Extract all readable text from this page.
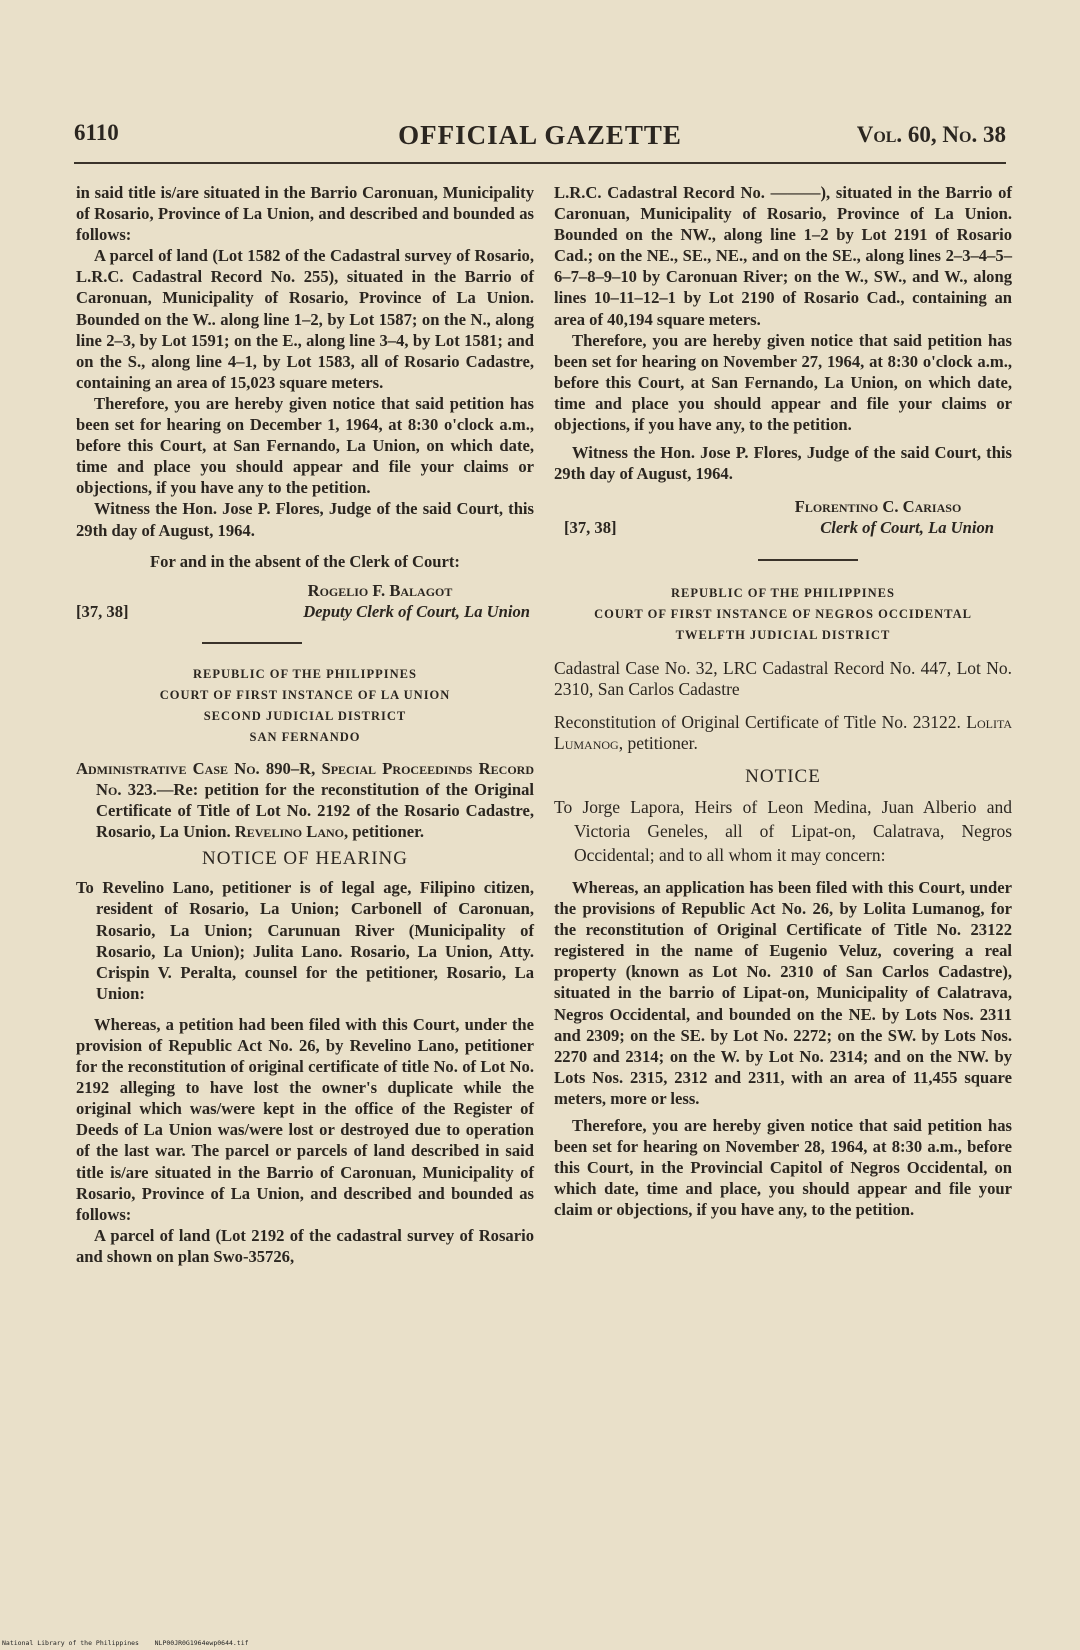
6110	OFFICIAL GAZETTE	Vol. 60, No. 38

in said title is/are situated in the Barrio Caronuan, Municipality of Rosario, Province of La Union, and described and bounded as follows:

A parcel of land (Lot 1582 of the Cadastral survey of Rosario, L.R.C. Cadastral Record No. 255), situated in the Barrio of Caronuan, Municipality of Rosario, Province of La Union. Bounded on the W.. along line 1–2, by Lot 1587; on the N., along line 2–3, by Lot 1591; on the E., along line 3–4, by Lot 1581; and on the S., along line 4–1, by Lot 1583, all of Rosario Cadastre, containing an area of 15,023 square meters.

Therefore, you are hereby given notice that said petition has been set for hearing on December 1, 1964, at 8:30 o'clock a.m., before this Court, at San Fernando, La Union, on which date, time and place you should appear and file your claims or objections, if you have any to the petition.

Witness the Hon. Jose P. Flores, Judge of the said Court, this 29th day of August, 1964.

For and in the absent of the Clerk of Court:

Rogelio F. Balagot
[37, 38]	Deputy Clerk of Court, La Union

REPUBLIC OF THE PHILIPPINES

COURT OF FIRST INSTANCE OF LA UNION

SECOND JUDICIAL DISTRICT

SAN FERNANDO

Administrative Case No. 890–R, Special Proceedinds Record No. 323.—Re: petition for the reconstitution of the Original Certificate of Title of Lot No. 2192 of the Rosario Cadastre, Rosario, La Union. Revelino Lano, petitioner.

NOTICE OF HEARING

To Revelino Lano, petitioner is of legal age, Filipino citizen, resident of Rosario, La Union; Carbonell of Caronuan, Rosario, La Union; Carunuan River (Municipality of Rosario, La Union); Julita Lano. Rosario, La Union, Atty. Crispin V. Peralta, counsel for the petitioner, Rosario, La Union:

Whereas, a petition had been filed with this Court, under the provision of Republic Act No. 26, by Revelino Lano, petitioner for the reconstitution of original certificate of title No. of Lot No. 2192 alleging to have lost the owner's duplicate while the original which was/were kept in the office of the Register of Deeds of La Union was/were lost or destroyed due to operation of the last war. The parcel or parcels of land described in said title is/are situated in the Barrio of Caronuan, Municipality of Rosario, Province of La Union, and described and bounded as follows:

A parcel of land (Lot 2192 of the cadastral survey of Rosario and shown on plan Swo-35726,

L.R.C. Cadastral Record No. ———), situated in the Barrio of Caronuan, Municipality of Rosario, Province of La Union. Bounded on the NW., along line 1–2 by Lot 2191 of Rosario Cad.; on the NE., SE., NE., and on the SE., along lines 2–3–4–5–6–7–8–9–10 by Caronuan River; on the W., SW., and W., along lines 10–11–12–1 by Lot 2190 of Rosario Cad., containing an area of 40,194 square meters.

Therefore, you are hereby given notice that said petition has been set for hearing on November 27, 1964, at 8:30 o'clock a.m., before this Court, at San Fernando, La Union, on which date, time and place you should appear and file your claims or objections, if you have any, to the petition.

Witness the Hon. Jose P. Flores, Judge of the said Court, this 29th day of August, 1964.

Florentino C. Cariaso
[37, 38]	Clerk of Court, La Union

REPUBLIC OF THE PHILIPPINES

COURT OF FIRST INSTANCE OF NEGROS OCCIDENTAL

TWELFTH JUDICIAL DISTRICT

Cadastral Case No. 32, LRC Cadastral Record No. 447, Lot No. 2310, San Carlos Cadastre

Reconstitution of Original Certificate of Title No. 23122. Lolita Lumanog, petitioner.

NOTICE

To Jorge Lapora, Heirs of Leon Medina, Juan Alberio and Victoria Geneles, all of Lipat-on, Calatrava, Negros Occidental; and to all whom it may concern:

Whereas, an application has been filed with this Court, under the provisions of Republic Act No. 26, by Lolita Lumanog, for the reconstitution of Original Certificate of Title No. 23122 registered in the name of Eugenio Veluz, covering a real property (known as Lot No. 2310 of San Carlos Cadastre), situated in the barrio of Lipat-on, Municipality of Calatrava, Negros Occidental, and bounded on the NE. by Lots Nos. 2311 and 2309; on the SE. by Lot No. 2272; on the SW. by Lots Nos. 2270 and 2314; on the W. by Lot No. 2314; and on the NW. by Lots Nos. 2315, 2312 and 2311, with an area of 11,455 square meters, more or less.

Therefore, you are hereby given notice that said petition has been set for hearing on November 28, 1964, at 8:30 a.m., before this Court, in the Provincial Capitol of Negros Occidental, on which date, time and place, you should appear and file your claim or objections, if you have any, to the petition.

National Library of the Philippines NLP00JR0G1964ewp0644.tif
